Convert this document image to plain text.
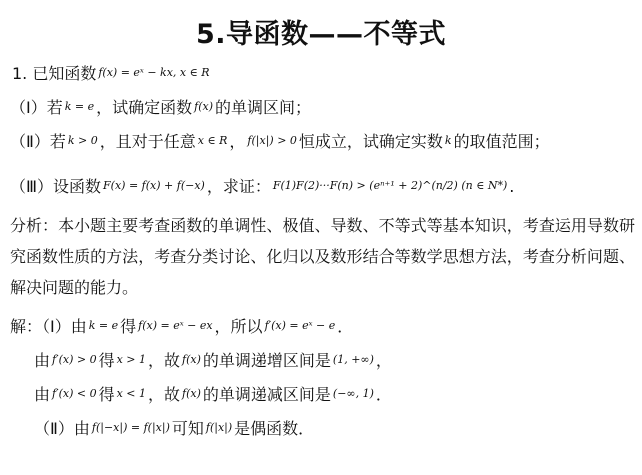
5.导函数——不等式
1. 已知函数 f(x) = eˣ − kx, x ∈ R
（Ⅰ）若 k = e ，试确定函数 f(x) 的单调区间；
（Ⅱ）若 k > 0 ，且对于任意 x ∈ R ， f(|x|) > 0 恒成立，试确定实数 k 的取值范围；
（Ⅲ）设函数 F(x) = f(x) + f(−x) ，求证： F(1)F(2)···F(n) > (eⁿ⁺¹ + 2)^(n/2) (n ∈ N*) .
分析：本小题主要考查函数的单调性、极值、导数、不等式等基本知识，考查运用导数研究函数性质的方法，考查分类讨论、化归以及数形结合等数学思想方法，考查分析问题、解决问题的能力。
解：（Ⅰ）由 k = e 得 f(x) = eˣ − ex ，所以 f′(x) = eˣ − e ．
由 f′(x) > 0 得 x > 1 ，故 f(x) 的单调递增区间是 (1, +∞) ，
由 f′(x) < 0 得 x < 1 ，故 f(x) 的单调递减区间是 (−∞, 1) ．
（Ⅱ）由 f(|−x|) = f(|x|) 可知 f(|x|) 是偶函数．
